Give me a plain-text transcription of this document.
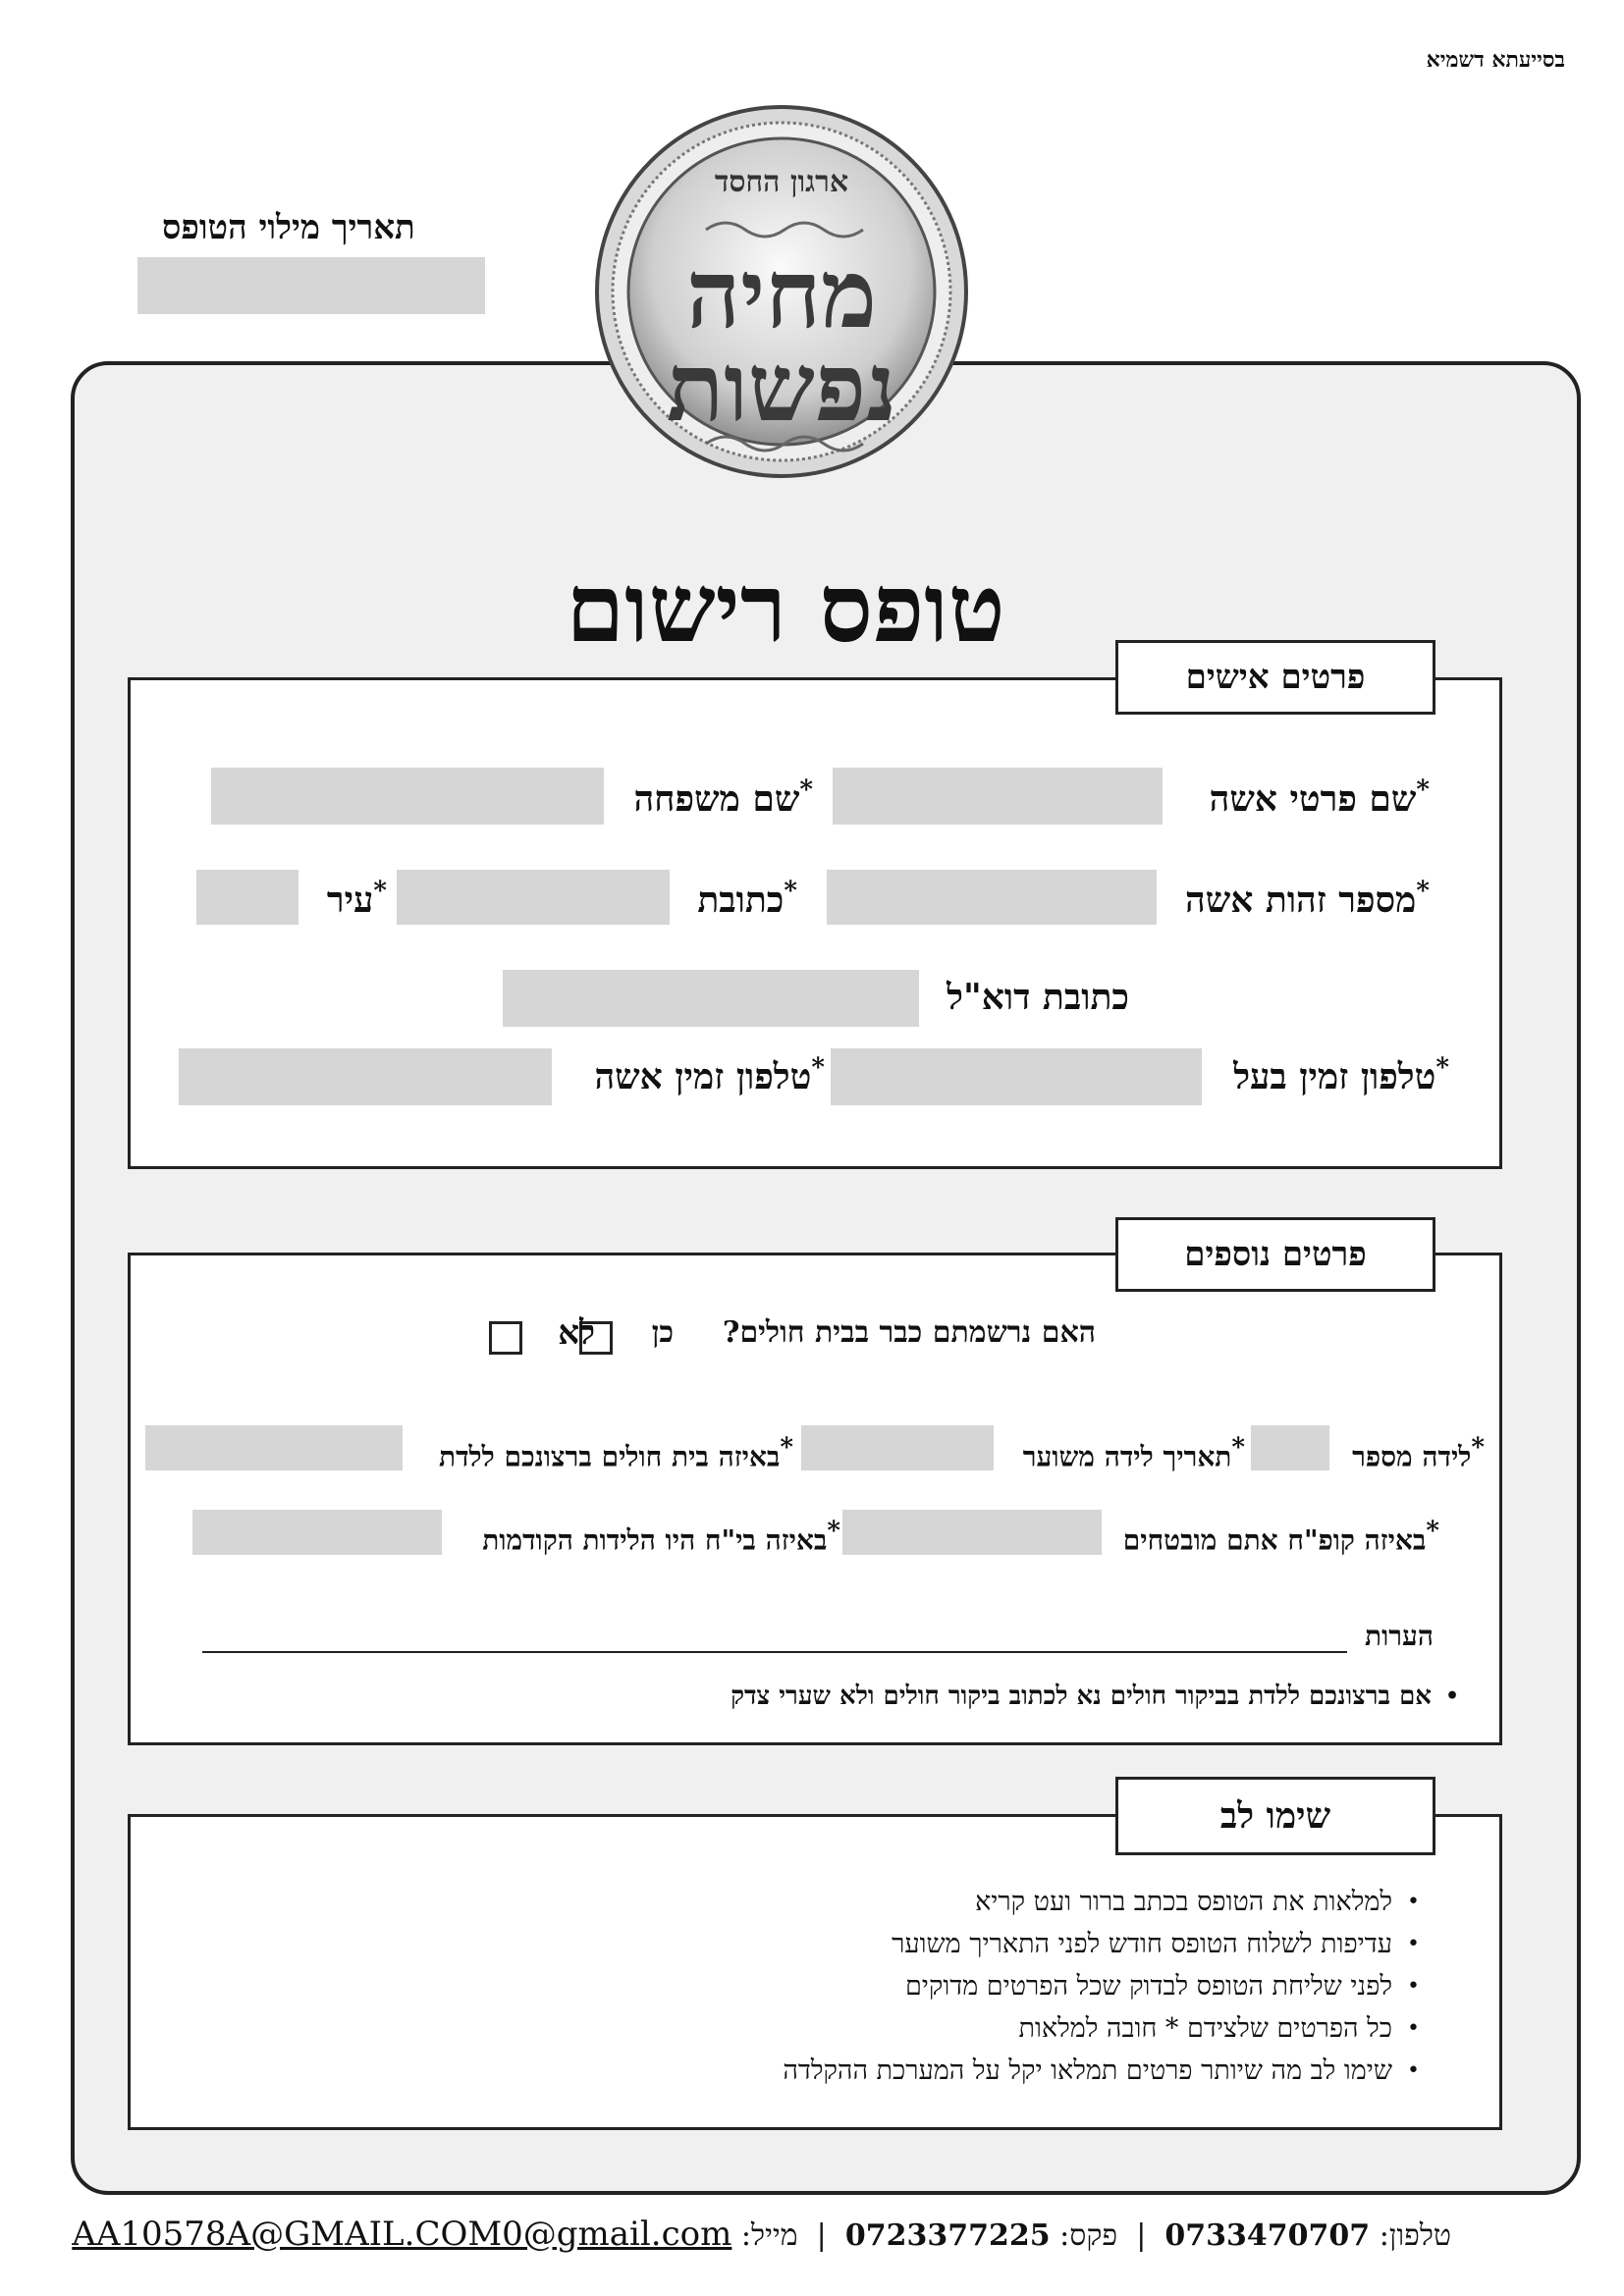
בסייעתא דשמיא
תאריך מילוי הטופס
ארגון החסד
מחיה
נפשות
טופס רישום
פרטים אישים
*שם פרטי אשה
*שם משפחה
*מספר זהות אשה
*כתובת
*עיר
כתובת דוא"ל
*טלפון זמין בעל
*טלפון זמין אשה
פרטים נוספים
האם נרשמתם כבר בבית חולים?
כן
לא
*לידה מספר
*תאריך לידה משוער
*באיזה בית חולים ברצונכם ללדת
*באיזה קופ"ח אתם מובטחים
*באיזה בי"ח היו הלידות הקודמות
הערות
• אם ברצונכם ללדת בביקור חולים נא לכתוב ביקור חולים ולא שערי צדק
שימו לב
• למלאות את הטופס בכתב ברור ועט קריא
• עדיפות לשלוח הטופס חודש לפני התאריך משוער
• לפני שליחת הטופס לבדוק שכל הפרטים מדוקים
• כל הפרטים שלצידם * חובה למלאות
• שימו לב מה שיותר פרטים תמלאו יקל על המערכת ההקלדה
טלפון: 0733470707  |  פקס: 0723377225  |  מייל: AA10578A@GMAIL.COM0@gmail.com
